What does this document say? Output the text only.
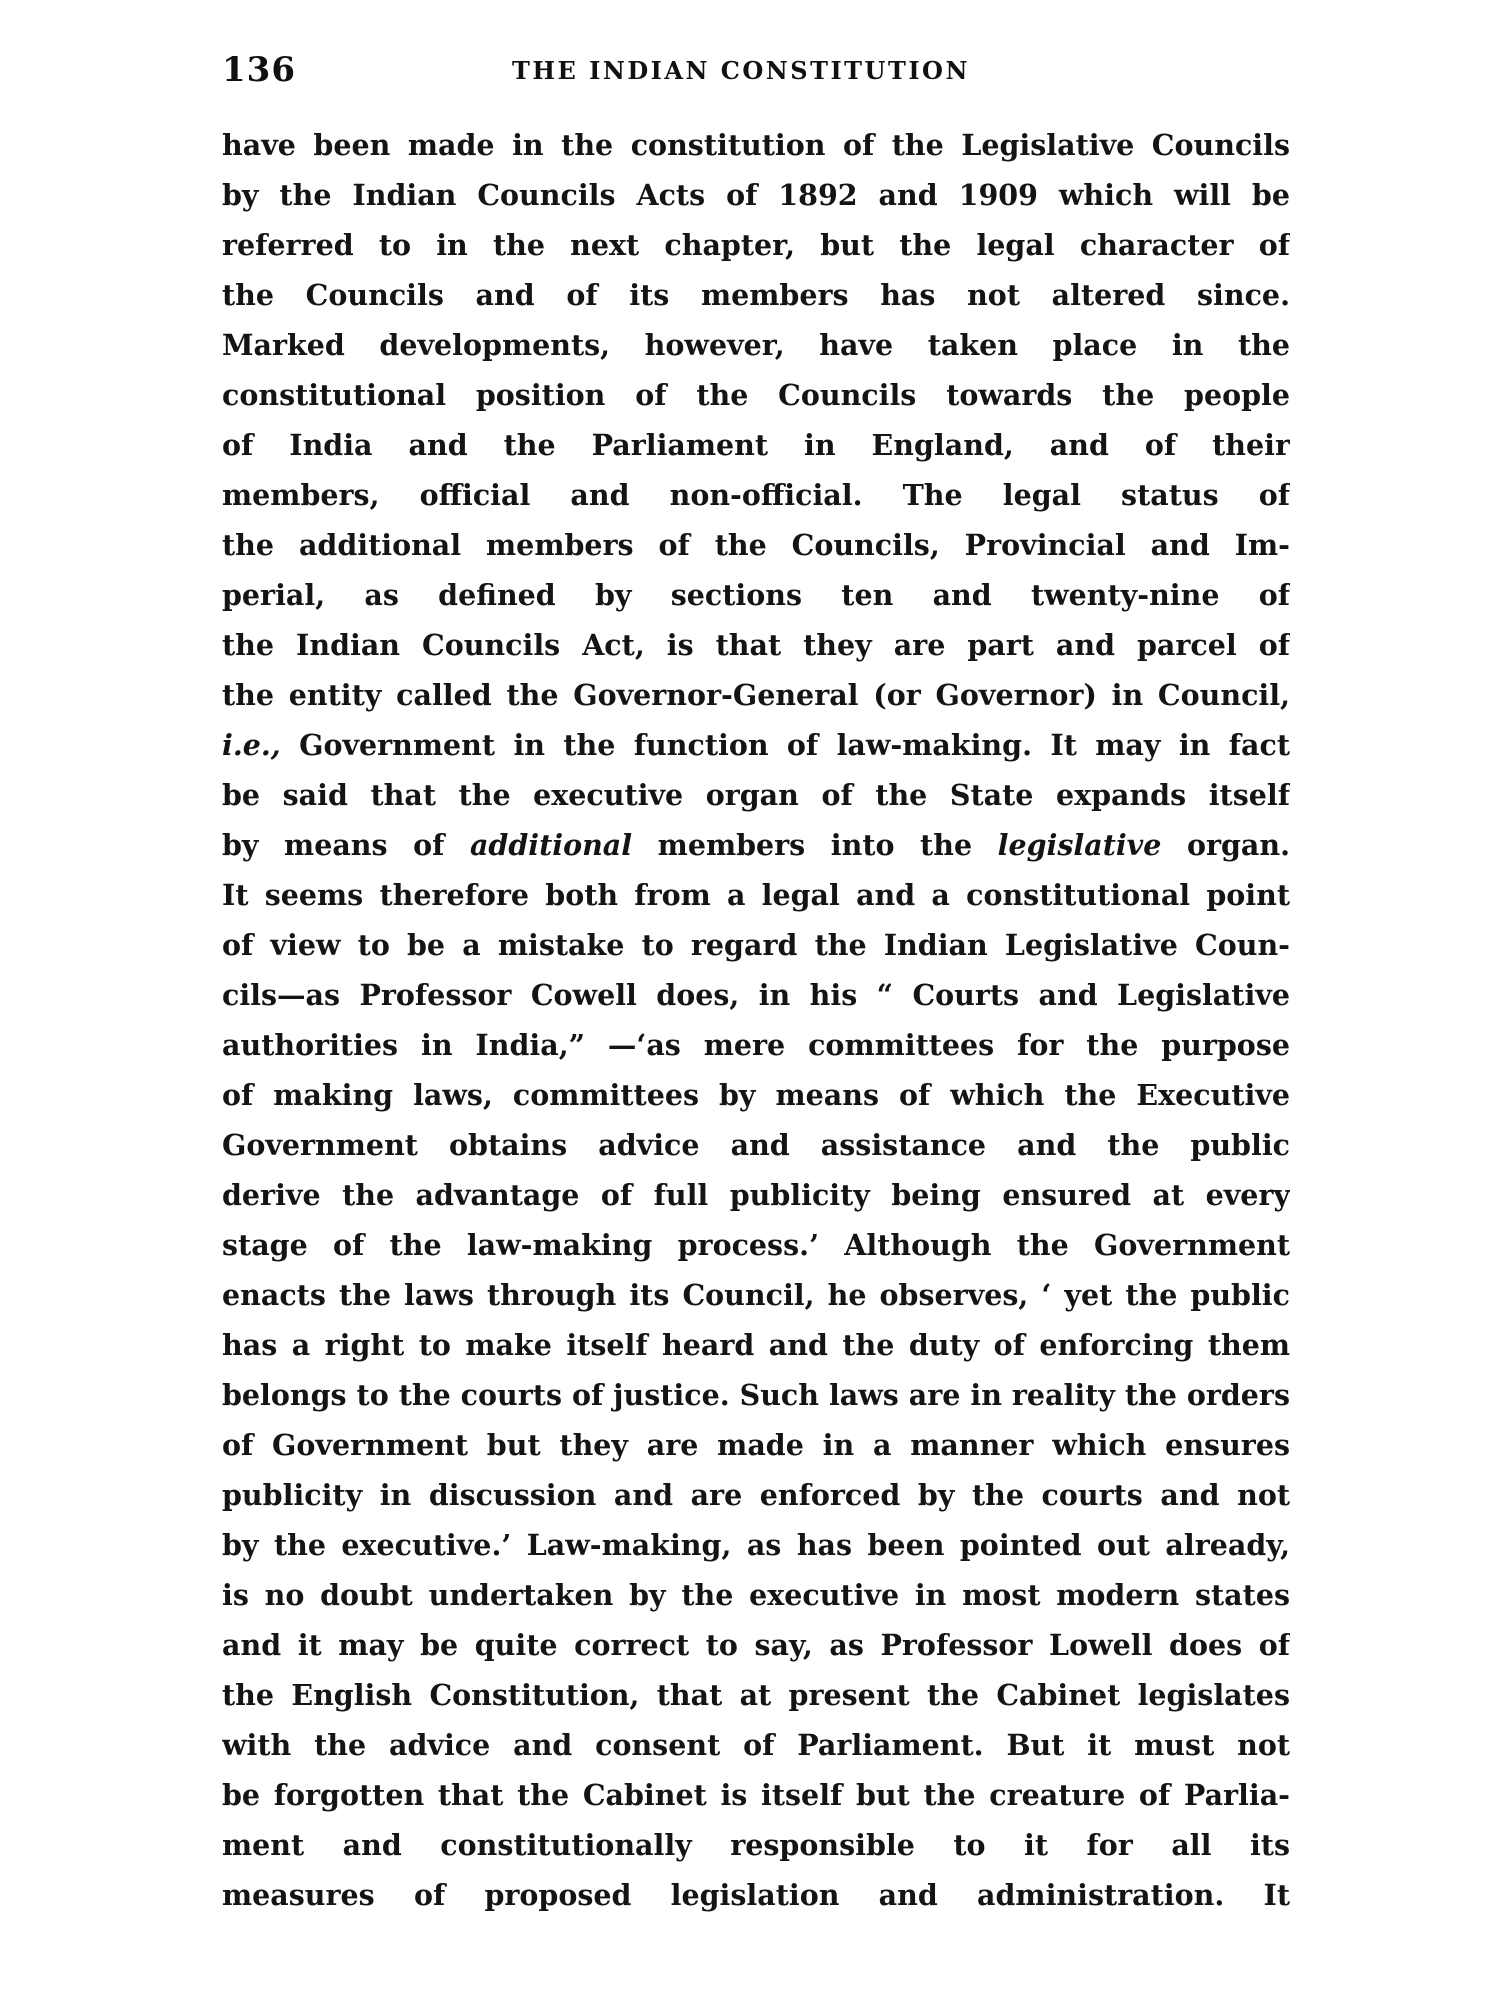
136	THE INDIAN CONSTITUTION
have been made in the constitution of the Legislative Councils
by the Indian Councils Acts of 1892 and 1909 which will be
referred to in the next chapter, but the legal character of
the Councils and of its members has not altered since.
Marked developments, however, have taken place in the
constitutional position of the Councils towards the people
of India and the Parliament in England, and of their
members, official and non-official. The legal status of
the additional members of the Councils, Provincial and Im-
perial, as defined by sections ten and twenty-nine of
the Indian Councils Act, is that they are part and parcel of
the entity called the Governor-General (or Governor) in Council,
i.e., Government in the function of law-making. It may in fact
be said that the executive organ of the State expands itself
by means of additional members into the legislative organ.
It seems therefore both from a legal and a constitutional point
of view to be a mistake to regard the Indian Legislative Coun-
cils—as Professor Cowell does, in his “ Courts and Legislative
authorities in India,” —‘as mere committees for the purpose
of making laws, committees by means of which the Executive
Government obtains advice and assistance and the public
derive the advantage of full publicity being ensured at every
stage of the law-making process.’ Although the Government
enacts the laws through its Council, he observes, ‘ yet the public
has a right to make itself heard and the duty of enforcing them
belongs to the courts of justice. Such laws are in reality the orders
of Government but they are made in a manner which ensures
publicity in discussion and are enforced by the courts and not
by the executive.’ Law-making, as has been pointed out already,
is no doubt undertaken by the executive in most modern states
and it may be quite correct to say, as Professor Lowell does of
the English Constitution, that at present the Cabinet legislates
with the advice and consent of Parliament. But it must not
be forgotten that the Cabinet is itself but the creature of Parlia-
ment and constitutionally responsible to it for all its
measures of proposed legislation and administration. It
